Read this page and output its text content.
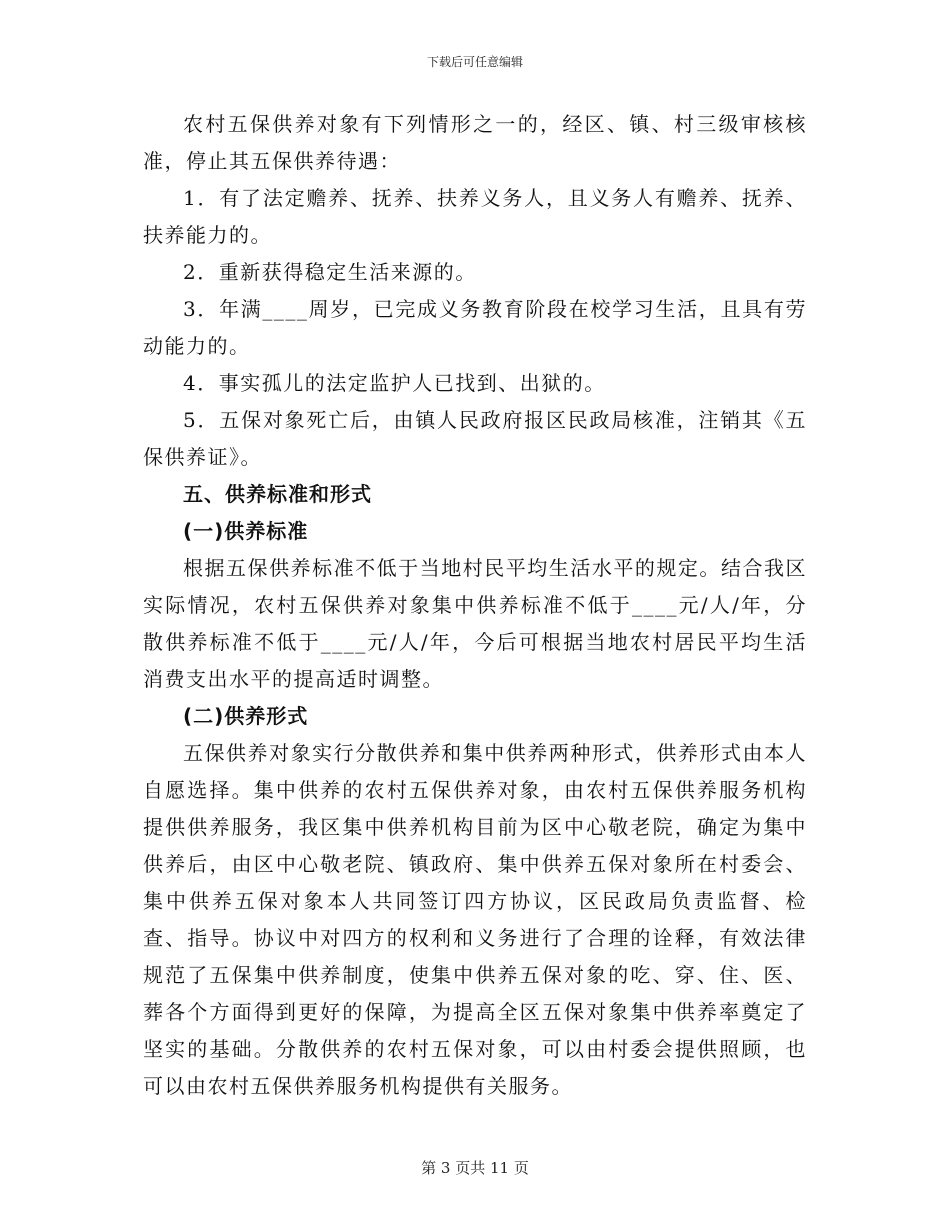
下载后可任意编辑

农村五保供养对象有下列情形之一的，经区、镇、村三级审核核准，停止其五保供养待遇：

1．有了法定赡养、抚养、扶养义务人，且义务人有赡养、抚养、扶养能力的。

2．重新获得稳定生活来源的。

3．年满____周岁，已完成义务教育阶段在校学习生活，且具有劳动能力的。

4．事实孤儿的法定监护人已找到、出狱的。

5．五保对象死亡后，由镇人民政府报区民政局核准，注销其《五保供养证》。

五、供养标准和形式

(一)供养标准

根据五保供养标准不低于当地村民平均生活水平的规定。结合我区实际情况，农村五保供养对象集中供养标准不低于____元/人/年，分散供养标准不低于____元/人/年，今后可根据当地农村居民平均生活消费支出水平的提高适时调整。

(二)供养形式

五保供养对象实行分散供养和集中供养两种形式，供养形式由本人自愿选择。集中供养的农村五保供养对象，由农村五保供养服务机构提供供养服务，我区集中供养机构目前为区中心敬老院，确定为集中供养后，由区中心敬老院、镇政府、集中供养五保对象所在村委会、集中供养五保对象本人共同签订四方协议，区民政局负责监督、检查、指导。协议中对四方的权利和义务进行了合理的诠释，有效法律规范了五保集中供养制度，使集中供养五保对象的吃、穿、住、医、葬各个方面得到更好的保障，为提高全区五保对象集中供养率奠定了坚实的基础。分散供养的农村五保对象，可以由村委会提供照顾，也可以由农村五保供养服务机构提供有关服务。

第 3 页共 11 页
